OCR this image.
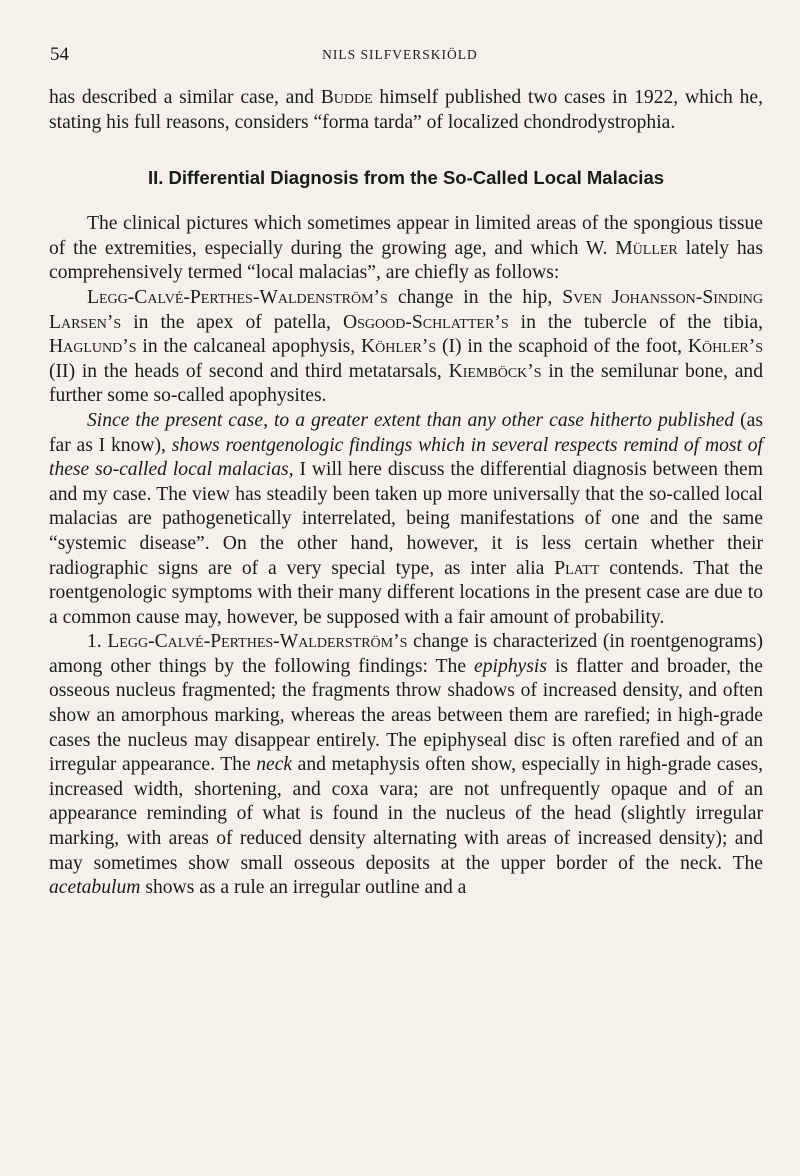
54	NILS SILFVERSKIÖLD

has described a similar case, and Budde himself published two cases in 1922, which he, stating his full reasons, considers “forma tarda” of localized chondrodystrophia.

II. Differential Diagnosis from the So-Called Local Malacias

The clinical pictures which sometimes appear in limited areas of the spongious tissue of the extremities, especially during the growing age, and which W. Müller lately has comprehensively termed “local malacias”, are chiefly as follows:

Legg-Calvé-Perthes-Waldenström’s change in the hip, Sven Johansson-Sinding Larsen’s in the apex of patella, Osgood-Schlatter’s in the tubercle of the tibia, Haglund’s in the calcaneal apophysis, Köhler’s (I) in the scaphoid of the foot, Köhler’s (II) in the heads of second and third metatarsals, Kiemböck’s in the semilunar bone, and further some so-called apophysites.

Since the present case, to a greater extent than any other case hitherto published (as far as I know), shows roentgenologic findings which in several respects remind of most of these so-called local malacias, I will here discuss the differential diagnosis between them and my case. The view has steadily been taken up more universally that the so-called local malacias are pathogenetically interrelated, being manifestations of one and the same “systemic disease”. On the other hand, however, it is less certain whether their radiographic signs are of a very special type, as inter alia Platt contends. That the roentgenologic symptoms with their many different locations in the present case are due to a common cause may, however, be supposed with a fair amount of probability.

1. Legg-Calvé-Perthes-Walderström’s change is characterized (in roentgenograms) among other things by the following findings: The epiphysis is flatter and broader, the osseous nucleus fragmented; the fragments throw shadows of increased density, and often show an amorphous marking, whereas the areas between them are rarefied; in high-grade cases the nucleus may disappear entirely. The epiphyseal disc is often rarefied and of an irregular appearance. The neck and metaphysis often show, especially in high-grade cases, increased width, shortening, and coxa vara; are not unfrequently opaque and of an appearance reminding of what is found in the nucleus of the head (slightly irregular marking, with areas of reduced density alternating with areas of increased density); and may sometimes show small osseous deposits at the upper border of the neck. The acetabulum shows as a rule an irregular outline and a
